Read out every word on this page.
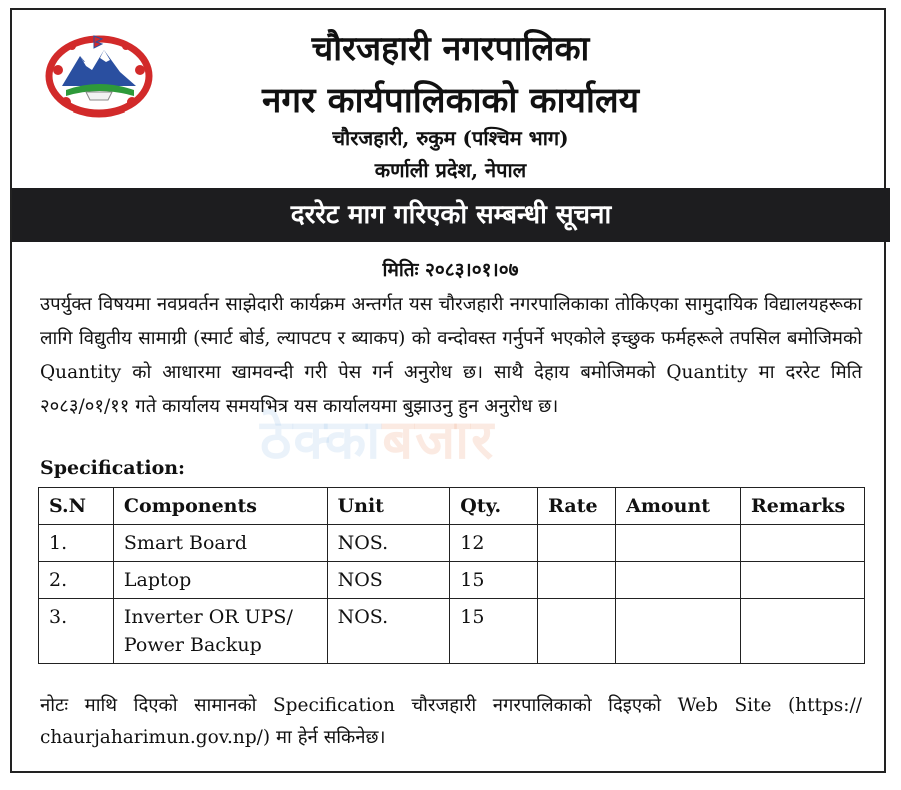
चौरजहारी नगरपालिका
नगर कार्यपालिकाको कार्यालय
चौरजहारी, रुकुम (पश्चिम भाग)
कर्णाली प्रदेश, नेपाल
दररेट माग गरिएको सम्बन्धी सूचना
मितिः २०८३।०१।०७

उपर्युक्त विषयमा नवप्रवर्तन साझेदारी कार्यक्रम अन्तर्गत यस चौरजहारी नगरपालिकाका तोकिएका सामुदायिक विद्यालयहरूका लागि विद्युतीय सामाग्री (स्मार्ट बोर्ड, ल्यापटप र ब्याकप) को वन्दोवस्त गर्नुपर्ने भएकोले इच्छुक फर्महरूले तपसिल बमोजिमको Quantity को आधारमा खामवन्दी गरी पेस गर्न अनुरोध छ। साथै देहाय बमोजिमको Quantity मा दररेट मिति २०८३/०१/११ गते कार्यालय समयभित्र यस कार्यालयमा बुझाउनु हुन अनुरोध छ।

ठेक्काबजार
Specification:
S.N	Components	Unit	Qty.	Rate	Amount	Remarks
1.	Smart Board	NOS.	12			
2.	Laptop	NOS	15			
3.	Inverter OR UPS/ Power Backup	NOS.	15			

नोटः माथि दिएको सामानको Specification चौरजहारी नगरपालिकाको दिइएको Web Site (https:// chaurjaharimun.gov.np/) मा हेर्न सकिनेछ।
